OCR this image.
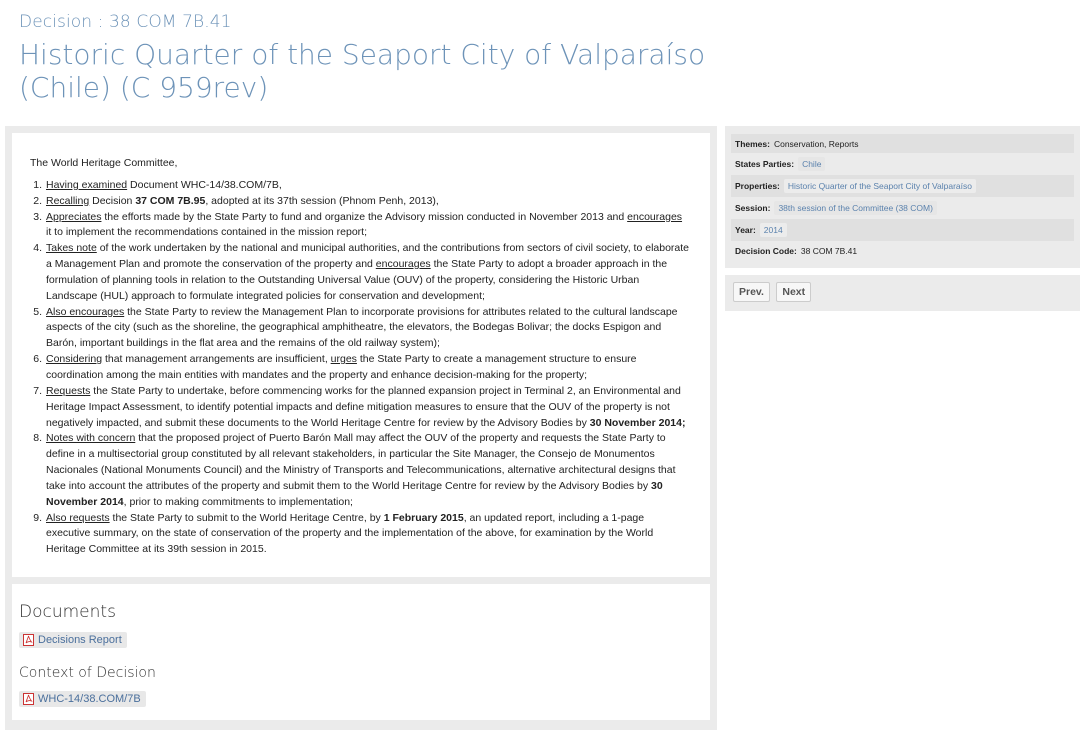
Decision : 38 COM 7B.41
Historic Quarter of the Seaport City of Valparaíso
(Chile) (C 959rev)
The World Heritage Committee,
1. Having examined Document WHC-14/38.COM/7B,
2. Recalling Decision 37 COM 7B.95, adopted at its 37th session (Phnom Penh, 2013),
3. Appreciates the efforts made by the State Party to fund and organize the Advisory mission conducted in November 2013 and encourages it to implement the recommendations contained in the mission report;
4. Takes note of the work undertaken by the national and municipal authorities, and the contributions from sectors of civil society, to elaborate a Management Plan and promote the conservation of the property and encourages the State Party to adopt a broader approach in the formulation of planning tools in relation to the Outstanding Universal Value (OUV) of the property, considering the Historic Urban Landscape (HUL) approach to formulate integrated policies for conservation and development;
5. Also encourages the State Party to review the Management Plan to incorporate provisions for attributes related to the cultural landscape aspects of the city (such as the shoreline, the geographical amphitheatre, the elevators, the Bodegas Bolivar; the docks Espigon and Barón, important buildings in the flat area and the remains of the old railway system);
6. Considering that management arrangements are insufficient, urges the State Party to create a management structure to ensure coordination among the main entities with mandates and the property and enhance decision-making for the property;
7. Requests the State Party to undertake, before commencing works for the planned expansion project in Terminal 2, an Environmental and Heritage Impact Assessment, to identify potential impacts and define mitigation measures to ensure that the OUV of the property is not negatively impacted, and submit these documents to the World Heritage Centre for review by the Advisory Bodies by 30 November 2014;
8. Notes with concern that the proposed project of Puerto Barón Mall may affect the OUV of the property and requests the State Party to define in a multisectorial group constituted by all relevant stakeholders, in particular the Site Manager, the Consejo de Monumentos Nacionales (National Monuments Council) and the Ministry of Transports and Telecommunications, alternative architectural designs that take into account the attributes of the property and submit them to the World Heritage Centre for review by the Advisory Bodies by 30 November 2014, prior to making commitments to implementation;
9. Also requests the State Party to submit to the World Heritage Centre, by 1 February 2015, an updated report, including a 1-page executive summary, on the state of conservation of the property and the implementation of the above, for examination by the World Heritage Committee at its 39th session in 2015.
Documents
Decisions Report
Context of Decision
WHC-14/38.COM/7B
Themes: Conservation, Reports
States Parties: Chile
Properties: Historic Quarter of the Seaport City of Valparaíso
Session: 38th session of the Committee (38 COM)
Year: 2014
Decision Code: 38 COM 7B.41
Prev. Next
